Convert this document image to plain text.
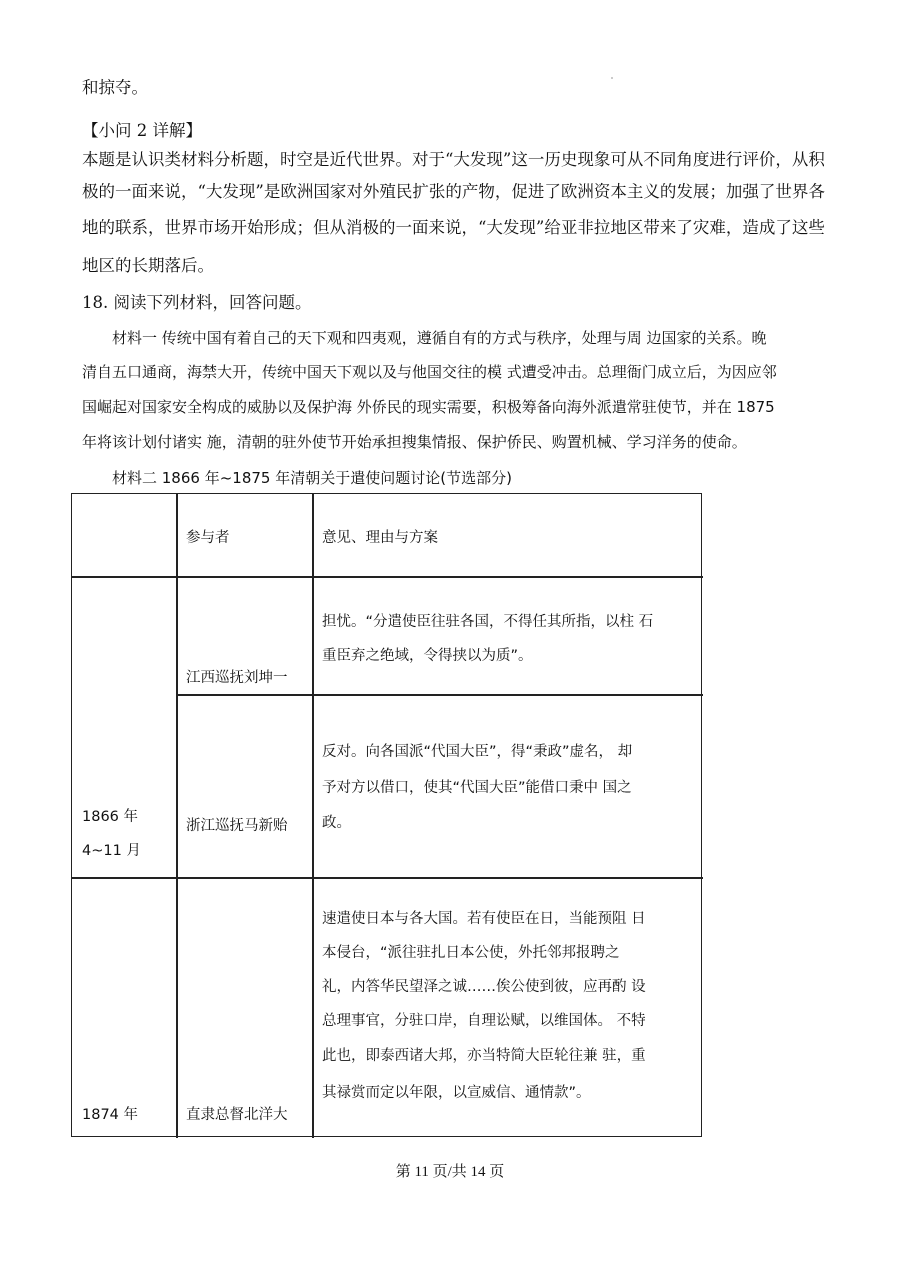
和掠夺。
【小问 2 详解】
本题是认识类材料分析题，时空是近代世界。对于“大发现”这一历史现象可从不同角度进行评价，从积
极的一面来说，“大发现”是欧洲国家对外殖民扩张的产物，促进了欧洲资本主义的发展；加强了世界各
地的联系，世界市场开始形成；但从消极的一面来说，“大发现”给亚非拉地区带来了灾难，造成了这些
地区的长期落后。
18. 阅读下列材料，回答问题。
材料一 传统中国有着自己的天下观和四夷观，遵循自有的方式与秩序，处理与周 边国家的关系。晚
清自五口通商，海禁大开，传统中国天下观以及与他国交往的模 式遭受冲击。总理衙门成立后，为因应邻
国崛起对国家安全构成的威胁以及保护海 外侨民的现实需要，积极筹备向海外派遣常驻使节，并在 1875
年将该计划付诸实 施，清朝的驻外使节开始承担搜集情报、保护侨民、购置机械、学习洋务的使命。
材料二 1866 年~1875 年清朝关于遣使问题讨论(节选部分)
参与者	意见、理由与方案
1866 年
4~11 月
江西巡抚刘坤一
担忧。“分遣使臣往驻各国，不得任其所指，以柱 石
重臣弃之绝域，令得挟以为质”。
浙江巡抚马新贻
反对。向各国派“代国大臣”，得“秉政”虚名， 却
予对方以借口，使其“代国大臣”能借口秉中 国之
政。
1874 年	直隶总督北洋大
速遣使日本与各大国。若有使臣在日，当能预阻 日
本侵台，“派往驻扎日本公使，外托邻邦报聘之
礼，内答华民望泽之诚……俟公使到彼，应再酌 设
总理事官，分驻口岸，自理讼赋，以维国体。 不特
此也，即泰西诸大邦，亦当特简大臣轮往兼 驻，重
其禄赏而定以年限，以宣威信、通情款”。
第 11 页/共 14 页
